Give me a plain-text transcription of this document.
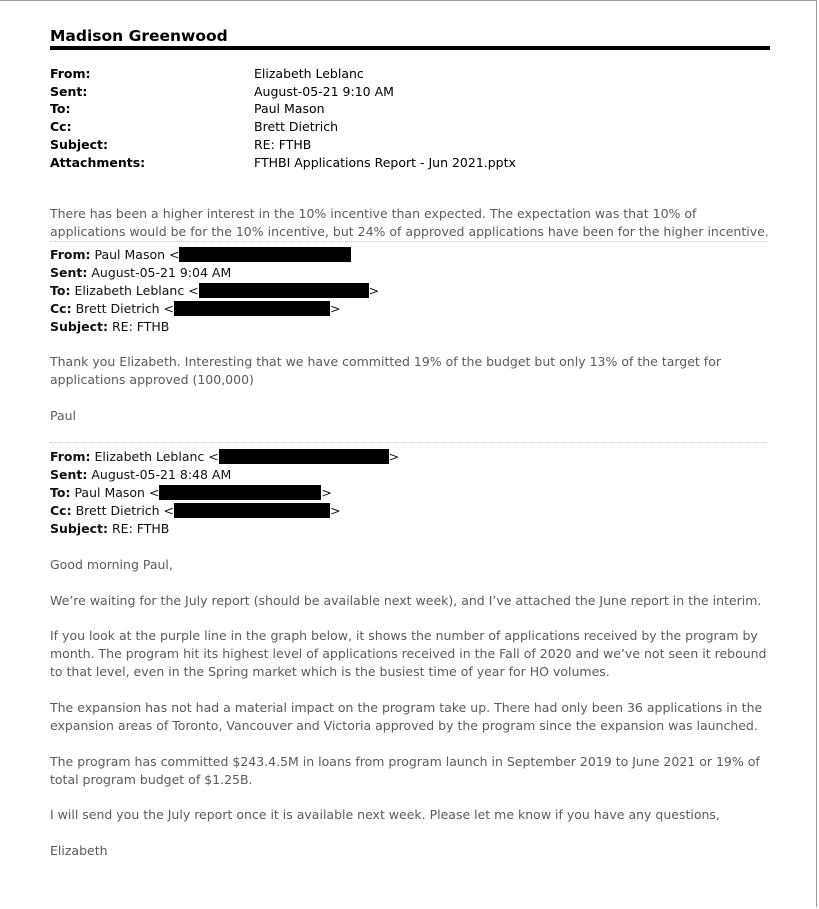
Madison Greenwood
From:	Elizabeth Leblanc
Sent:	August-05-21 9:10 AM
To:	Paul Mason
Cc:	Brett Dietrich
Subject:	RE: FTHB
Attachments:	FTHBI Applications Report - Jun 2021.pptx
There has been a higher interest in the 10% incentive than expected. The expectation was that 10% of applications would be for the 10% incentive, but 24% of approved applications have been for the higher incentive.
From: Paul Mason <
Sent: August-05-21 9:04 AM
To: Elizabeth Leblanc <	>
Cc: Brett Dietrich <	>
Subject: RE: FTHB
Thank you Elizabeth. Interesting that we have committed 19% of the budget but only 13% of the target for applications approved (100,000)
Paul
From: Elizabeth Leblanc <	>
Sent: August-05-21 8:48 AM
To: Paul Mason <	>
Cc: Brett Dietrich <	>
Subject: RE: FTHB
Good morning Paul,
We’re waiting for the July report (should be available next week), and I’ve attached the June report in the interim.
If you look at the purple line in the graph below, it shows the number of applications received by the program by month. The program hit its highest level of applications received in the Fall of 2020 and we’ve not seen it rebound to that level, even in the Spring market which is the busiest time of year for HO volumes.
The expansion has not had a material impact on the program take up. There had only been 36 applications in the expansion areas of Toronto, Vancouver and Victoria approved by the program since the expansion was launched.
The program has committed $243.4.5M in loans from program launch in September 2019 to June 2021 or 19% of total program budget of $1.25B.
I will send you the July report once it is available next week. Please let me know if you have any questions,
Elizabeth
